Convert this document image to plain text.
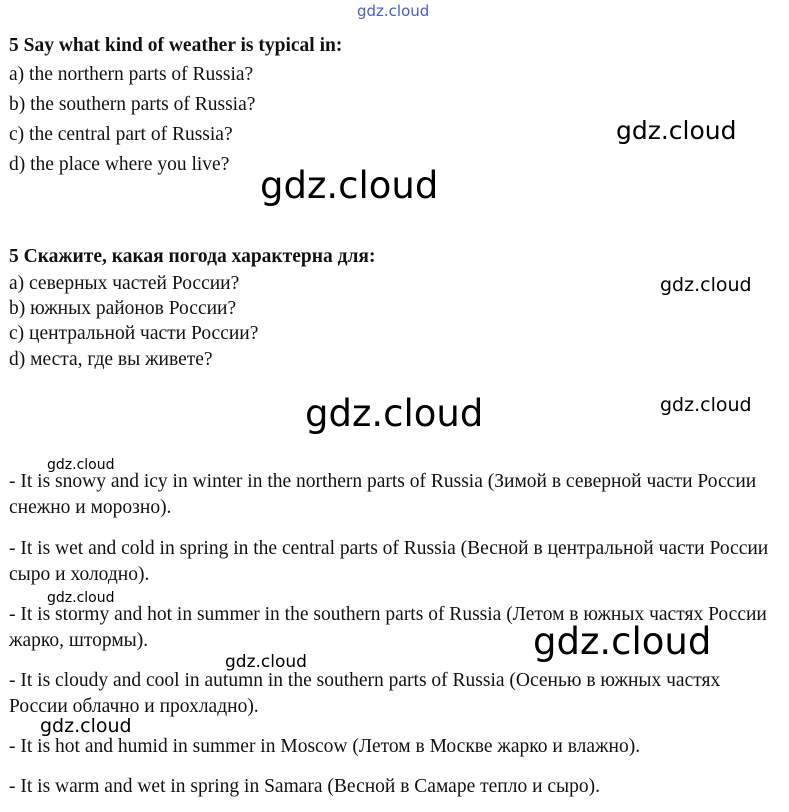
gdz.cloud
5 Say what kind of weather is typical in:
a) the northern parts of Russia?
b) the southern parts of Russia?
c) the central part of Russia?
d) the place where you live?
5 Скажите, какая погода характерна для:
а) северных частей России?
b) южных районов России?
с) центральной части России?
d) места, где вы живете?
- It is snowy and icy in winter in the northern parts of Russia (Зимой в северной части России снежно и морозно).
- It is wet and cold in spring in the central parts of Russia (Весной в центральной части России сыро и холодно).
- It is stormy and hot in summer in the southern parts of Russia (Летом в южных частях России жарко, штормы).
- It is cloudy and cool in autumn in the southern parts of Russia (Осенью в южных частях России облачно и прохладно).
- It is hot and humid in summer in Moscow (Летом в Москве жарко и влажно).
- It is warm and wet in spring in Samara (Весной в Самаре тепло и сыро).
gdz.cloud
gdz.cloud
gdz.cloud
gdz.cloud	gdz.cloud
gdz.cloud
gdz.cloud
gdz.cloud
gdz.cloud
gdz.cloud
